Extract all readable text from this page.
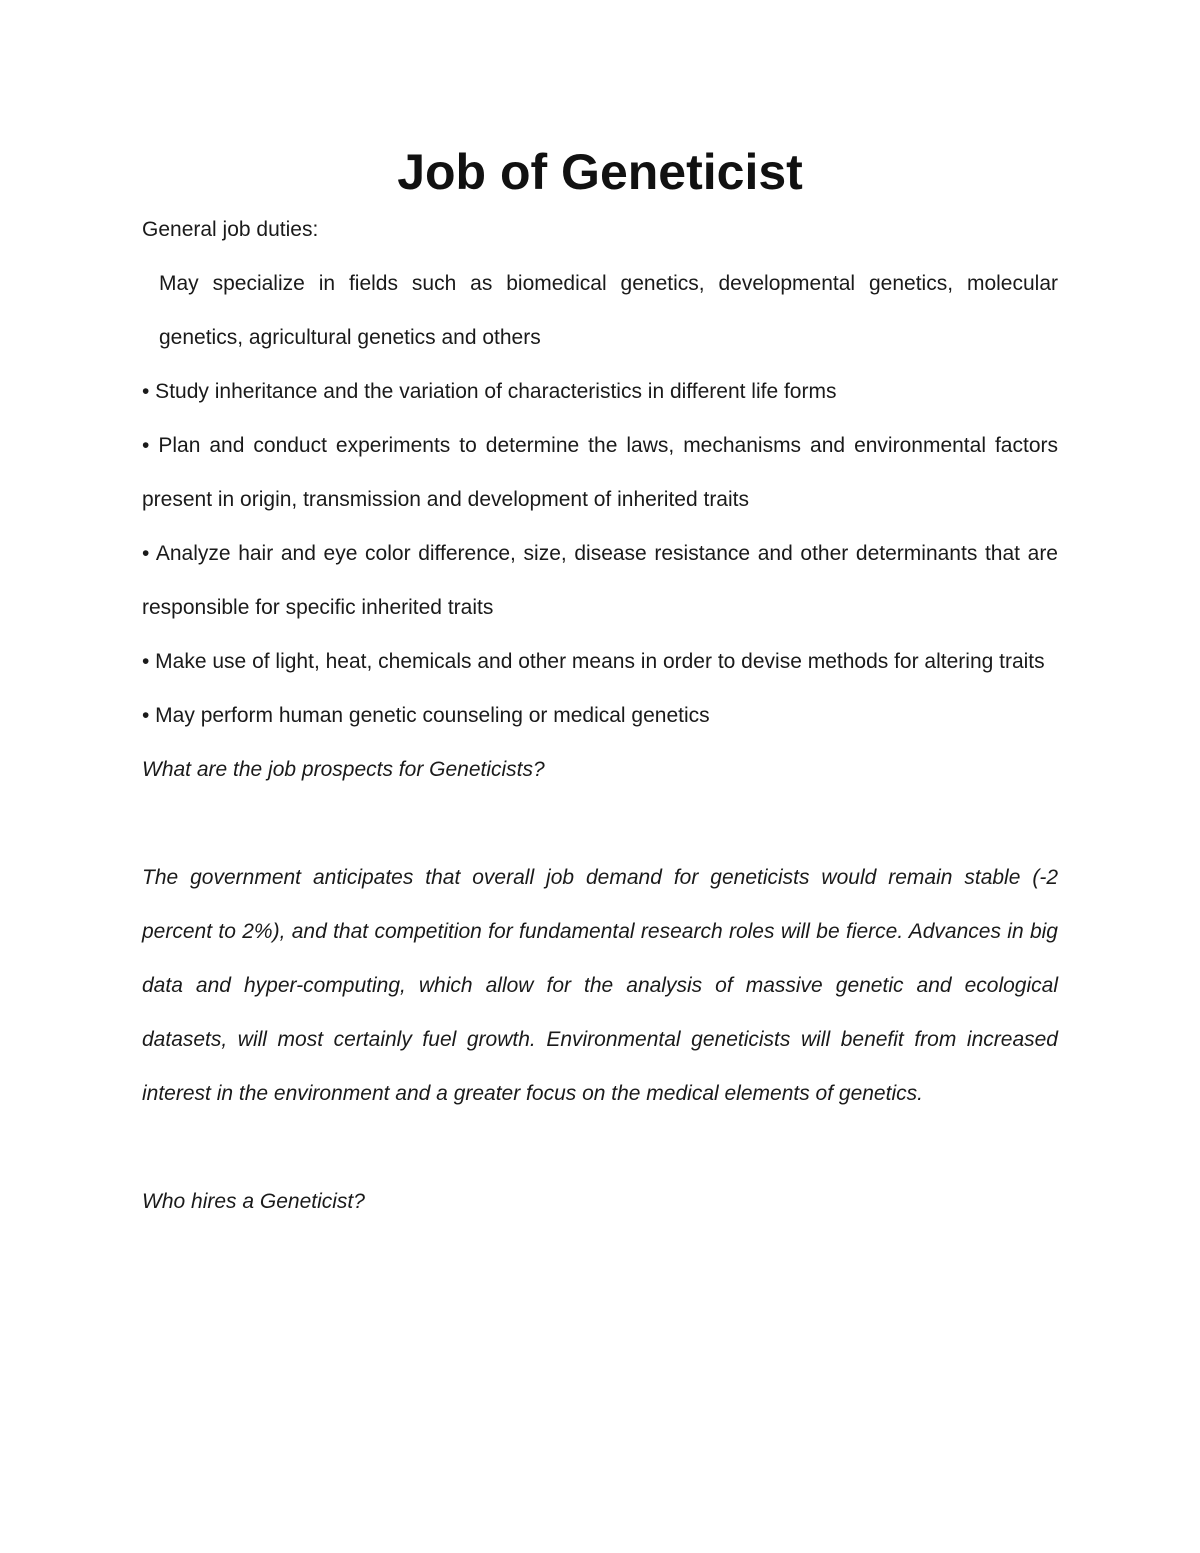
Job of Geneticist

General job duties:

May specialize in fields such as biomedical genetics, developmental genetics, molecular genetics, agricultural genetics and others

• Study inheritance and the variation of characteristics in different life forms

• Plan and conduct experiments to determine the laws, mechanisms and environmental factors present in origin, transmission and development of inherited traits

• Analyze hair and eye color difference, size, disease resistance and other determinants that are responsible for specific inherited traits

• Make use of light, heat, chemicals and other means in order to devise methods for altering traits

• May perform human genetic counseling or medical genetics

What are the job prospects for Geneticists?

The government anticipates that overall job demand for geneticists would remain stable (-2 percent to 2%), and that competition for fundamental research roles will be fierce. Advances in big data and hyper-computing, which allow for the analysis of massive genetic and ecological datasets, will most certainly fuel growth. Environmental geneticists will benefit from increased interest in the environment and a greater focus on the medical elements of genetics.

Who hires a Geneticist?
